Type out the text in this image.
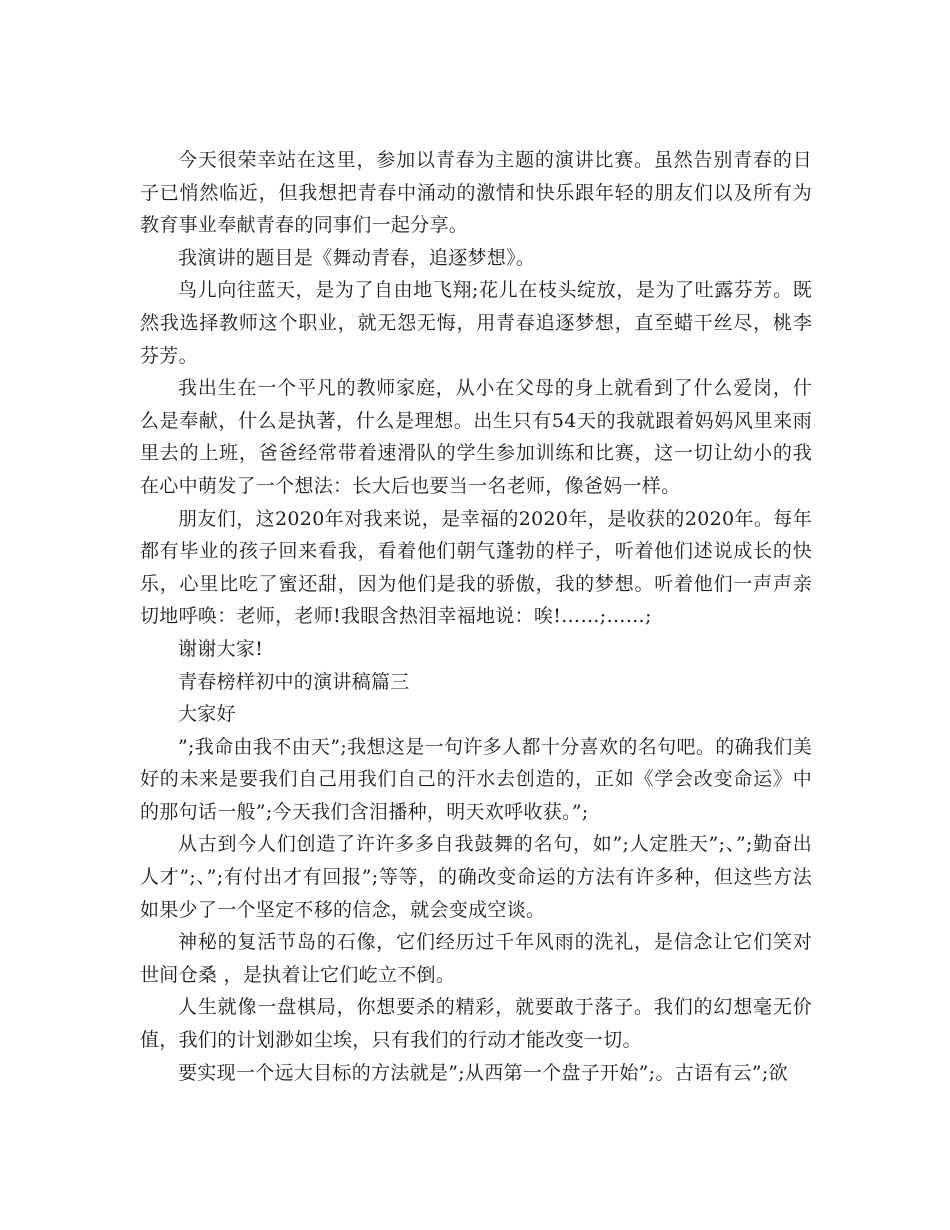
今天很荣幸站在这里，参加以青春为主题的演讲比赛。虽然告别青春的日子已悄然临近，但我想把青春中涌动的激情和快乐跟年轻的朋友们以及所有为教育事业奉献青春的同事们一起分享。

我演讲的题目是《舞动青春，追逐梦想》。

鸟儿向往蓝天，是为了自由地飞翔;花儿在枝头绽放，是为了吐露芬芳。既然我选择教师这个职业，就无怨无悔，用青春追逐梦想，直至蜡干丝尽，桃李芬芳。

我出生在一个平凡的教师家庭，从小在父母的身上就看到了什么爱岗，什么是奉献，什么是执著，什么是理想。出生只有54天的我就跟着妈妈风里来雨里去的上班，爸爸经常带着速滑队的学生参加训练和比赛，这一切让幼小的我在心中萌发了一个想法：长大后也要当一名老师，像爸妈一样。

朋友们，这2020年对我来说，是幸福的2020年，是收获的2020年。每年都有毕业的孩子回来看我，看着他们朝气蓬勃的样子，听着他们述说成长的快乐，心里比吃了蜜还甜，因为他们是我的骄傲，我的梦想。听着他们一声声亲切地呼唤：老师，老师!我眼含热泪幸福地说：唉!……;……;

谢谢大家!

青春榜样初中的演讲稿篇三

大家好

”;我命由我不由天”;我想这是一句许多人都十分喜欢的名句吧。的确我们美好的未来是要我们自己用我们自己的汗水去创造的，正如《学会改变命运》中的那句话一般”;今天我们含泪播种，明天欢呼收获。”;

从古到今人们创造了许许多多自我鼓舞的名句，如”;人定胜天”;、”;勤奋出人才”;、”;有付出才有回报”;等等，的确改变命运的方法有许多种，但这些方法如果少了一个坚定不移的信念，就会变成空谈。

神秘的复活节岛的石像，它们经历过千年风雨的洗礼，是信念让它们笑对世间仓桑 ，是执着让它们屹立不倒。

人生就像一盘棋局，你想要杀的精彩，就要敢于落子。我们的幻想毫无价值，我们的计划渺如尘埃，只有我们的行动才能改变一切。

要实现一个远大目标的方法就是”;从西第一个盘子开始”;。古语有云”;欲
